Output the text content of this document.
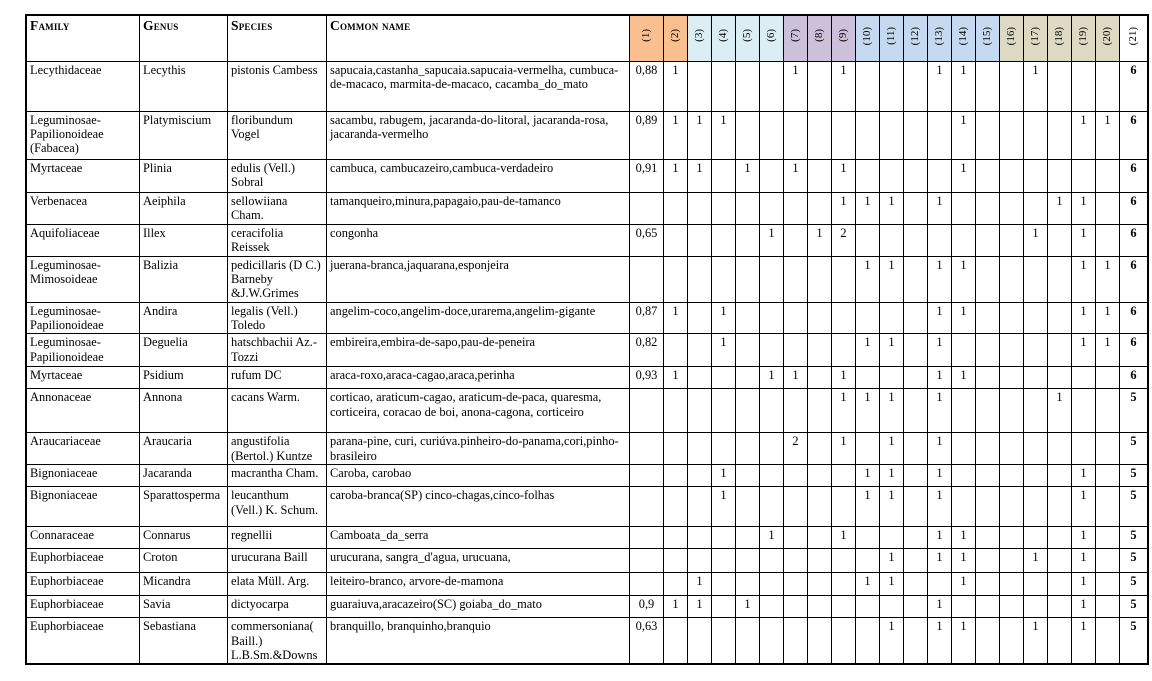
Family	Genus	Species	Common name	(1)	(2)	(3)	(4)	(5)	(6)	(7)	(8)	(9)	(10)	(11)	(12)	(13)	(14)	(15)	(16)	(17)	(18)	(19)	(20)	(21)
Lecythidaceae	Lecythis	pistonis Cambess	sapucaia,castanha_sapucaia.sapucaia-vermelha, cumbuca-de-macaco, marmita-de-macaco, cacamba_do_mato	0,88	1					1		1				1	1			1				6
Leguminosae-Papilionoideae (Fabacea)	Platymiscium	floribundum Vogel	sacambu, rabugem, jacaranda-do-litoral, jacaranda-rosa, jacaranda-vermelho	0,89	1	1	1										1					1	1	6
Myrtaceae	Plinia	edulis (Vell.) Sobral	cambuca, cambucazeiro,cambuca-verdadeiro	0,91	1	1		1		1		1					1							6
Verbenacea	Aeiphila	sellowiiana Cham.	tamanqueiro,minura,papagaio,pau-de-tamanco									1	1	1		1					1	1		6
Aquifoliaceae	Illex	ceracifolia Reissek	congonha	0,65					1		1	2								1		1		6
Leguminosae-Mimosoideae	Balizia	pedicillaris (D C.) Barneby &J.W.Grimes	juerana-branca,jaquarana,esponjeira										1	1		1	1					1	1	6
Leguminosae-Papilionoideae	Andira	legalis (Vell.) Toledo	angelim-coco,angelim-doce,urarema,angelim-gigante	0,87	1		1									1	1					1	1	6
Leguminosae-Papilionoideae	Deguelia	hatschbachii Az.-Tozzi	embireira,embira-de-sapo,pau-de-peneira	0,82			1						1	1		1						1	1	6
Myrtaceae	Psidium	rufum DC	araca-roxo,araca-cagao,araca,perinha	0,93	1				1	1		1				1	1							6
Annonaceae	Annona	cacans Warm.	corticao, araticum-cagao, araticum-de-paca, quaresma, corticeira, coracao de boi, anona-cagona, corticeiro									1	1	1		1					1			5
Araucariaceae	Araucaria	angustifolia (Bertol.) Kuntze	parana-pine, curi, curiúva.pinheiro-do-panama,cori,pinho-brasileiro							2		1		1		1								5
Bignoniaceae	Jacaranda	macrantha Cham.	Caroba, carobao				1						1	1		1						1		5
Bignoniaceae	Sparattosperma	leucanthum (Vell.) K. Schum.	caroba-branca(SP) cinco-chagas,cinco-folhas				1						1	1		1						1		5
Connaraceae	Connarus	regnellii	Camboata_da_serra						1			1				1	1					1		5
Euphorbiaceae	Croton	urucurana Baill	urucurana, sangra_d'agua, urucuana,											1		1	1			1		1		5
Euphorbiaceae	Micandra	elata Müll. Arg.	leiteiro-branco, arvore-de-mamona			1							1	1			1					1		5
Euphorbiaceae	Savia	dictyocarpa	guaraiuva,aracazeiro(SC) goiaba_do_mato	0,9	1	1		1								1						1		5
Euphorbiaceae	Sebastiana	commersoniana( Baill.) L.B.Sm.&Downs	branquillo, branquinho,branquio	0,63										1		1	1			1		1		5
